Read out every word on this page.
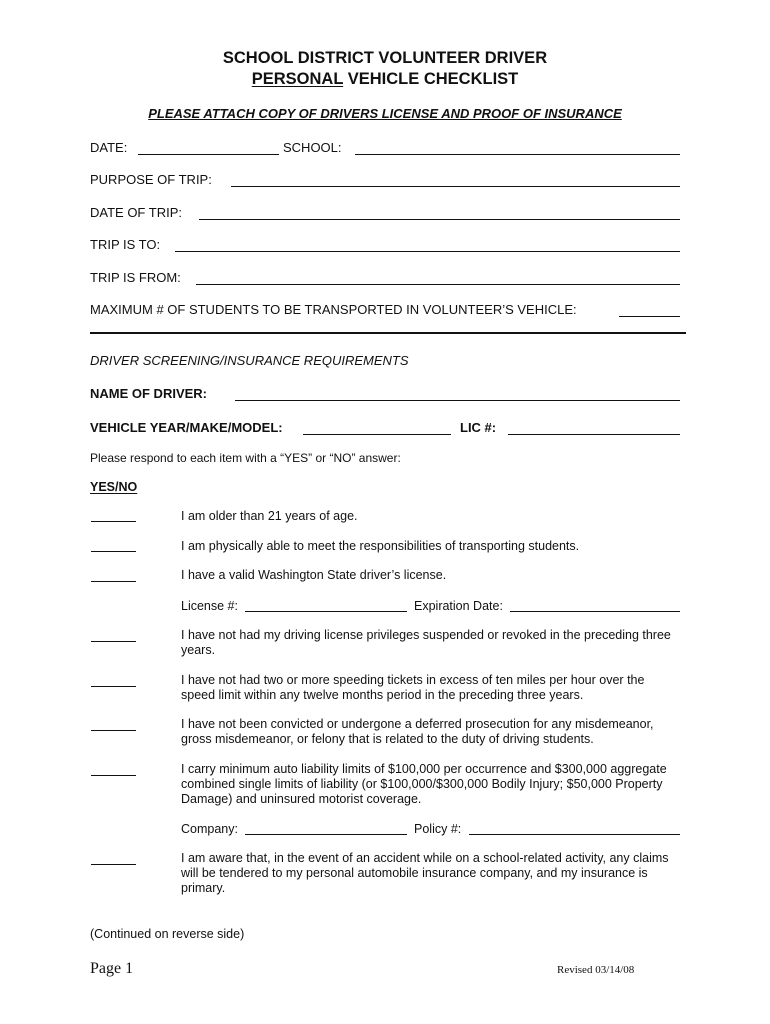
SCHOOL DISTRICT VOLUNTEER DRIVER
PERSONAL VEHICLE CHECKLIST
PLEASE ATTACH COPY OF DRIVERS LICENSE AND PROOF OF INSURANCE
DATE:	SCHOOL:
PURPOSE OF TRIP:
DATE OF TRIP:
TRIP IS TO:
TRIP IS FROM:
MAXIMUM # OF STUDENTS TO BE TRANSPORTED IN VOLUNTEER’S VEHICLE:
DRIVER SCREENING/INSURANCE REQUIREMENTS
NAME OF DRIVER:
VEHICLE YEAR/MAKE/MODEL:	LIC #:
Please respond to each item with a “YES” or “NO” answer:
YES/NO
I am older than 21 years of age.
I am physically able to meet the responsibilities of transporting students.
I have a valid Washington State driver’s license.
License #:	Expiration Date:
I have not had my driving license privileges suspended or revoked in the preceding three years.
I have not had two or more speeding tickets in excess of ten miles per hour over the speed limit within any twelve months period in the preceding three years.
I have not been convicted or undergone a deferred prosecution for any misdemeanor, gross misdemeanor, or felony that is related to the duty of driving students.
I carry minimum auto liability limits of $100,000 per occurrence and $300,000 aggregate combined single limits of liability (or $100,000/$300,000 Bodily Injury; $50,000 Property Damage) and uninsured motorist coverage.
Company:	Policy #:
I am aware that, in the event of an accident while on a school-related activity, any claims will be tendered to my personal automobile insurance company, and my insurance is primary.
(Continued on reverse side)
Page 1	Revised 03/14/08
